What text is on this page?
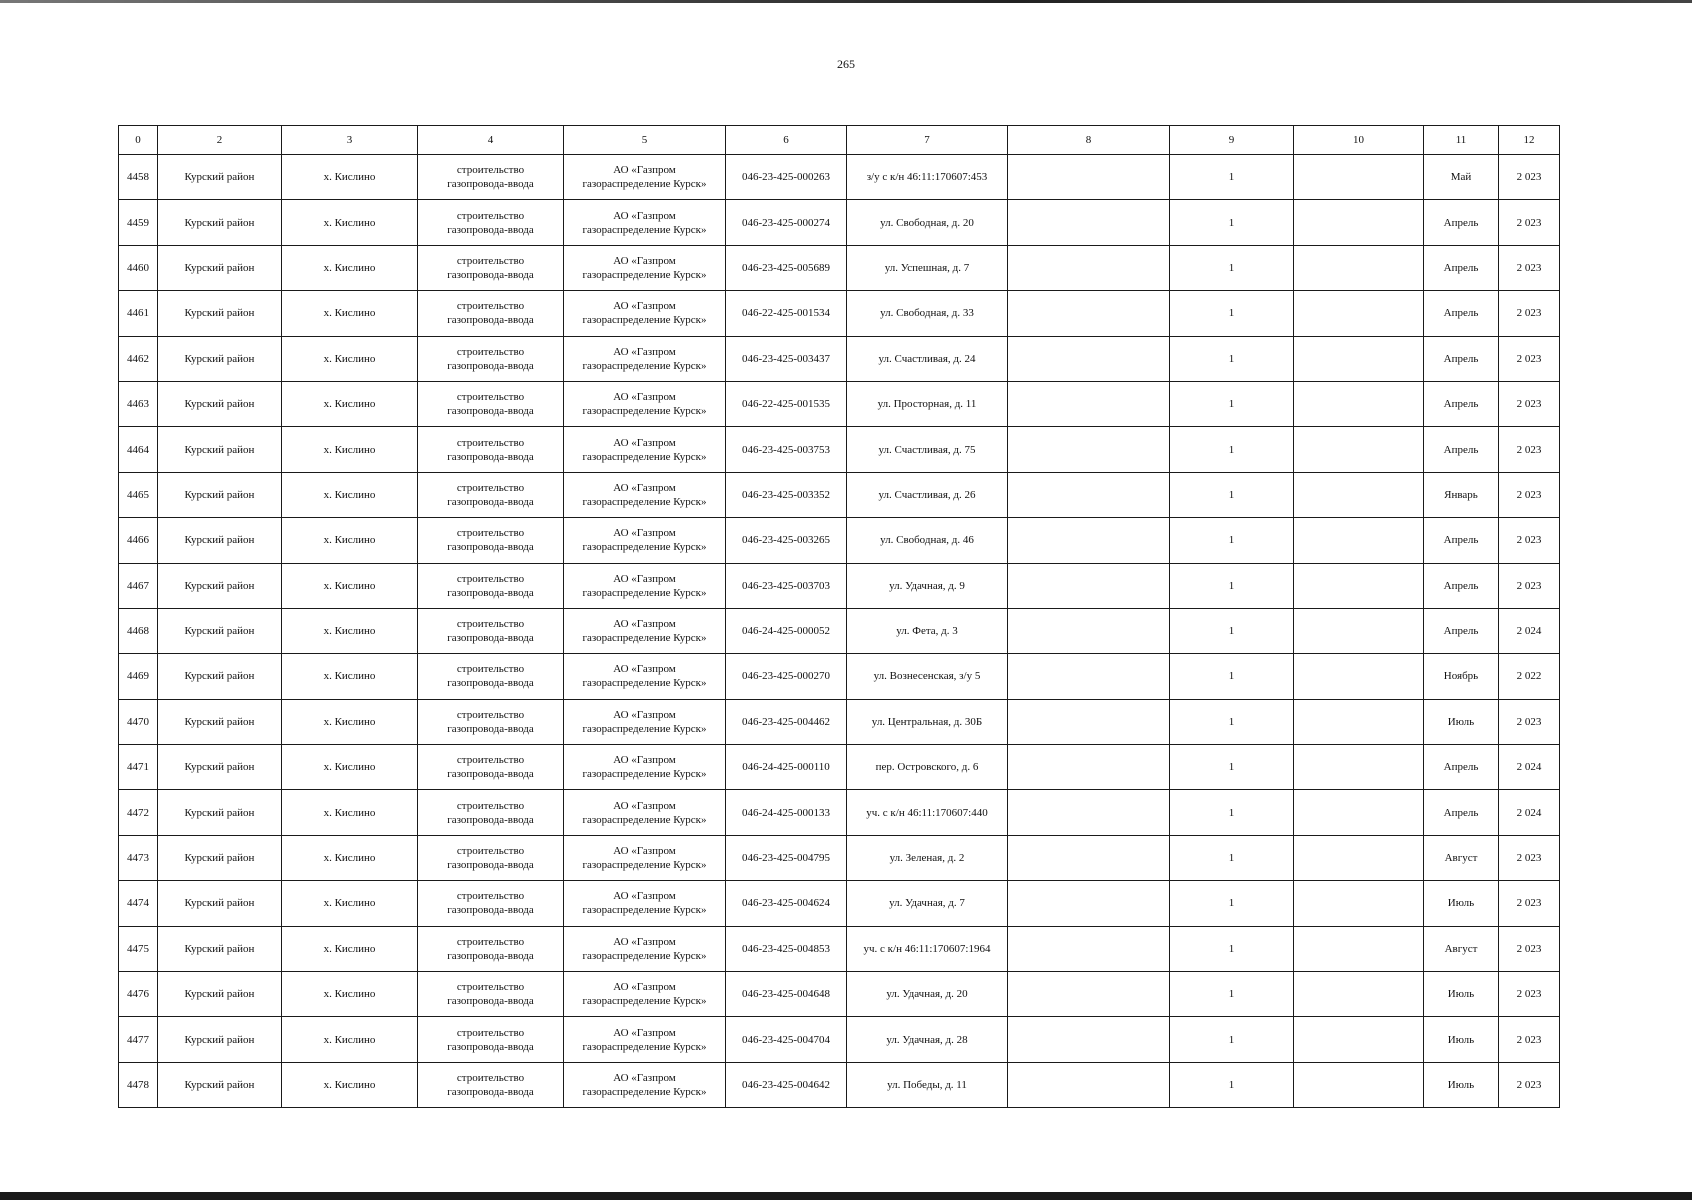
265
0	2	3	4	5	6	7	8	9	10	11	12

4458	Курский район	х. Кислино	строительство
газопровода-ввода	АО «Газпром
газораспределение Курск»	046-23-425-000263	з/у с к/н 46:11:170607:453		1		Май	2 023

4459	Курский район	х. Кислино	строительство
газопровода-ввода	АО «Газпром
газораспределение Курск»	046-23-425-000274	ул. Свободная, д. 20		1		Апрель	2 023

4460	Курский район	х. Кислино	строительство
газопровода-ввода	АО «Газпром
газораспределение Курск»	046-23-425-005689	ул. Успешная, д. 7		1		Апрель	2 023

4461	Курский район	х. Кислино	строительство
газопровода-ввода	АО «Газпром
газораспределение Курск»	046-22-425-001534	ул. Свободная, д. 33		1		Апрель	2 023

4462	Курский район	х. Кислино	строительство
газопровода-ввода	АО «Газпром
газораспределение Курск»	046-23-425-003437	ул. Счастливая, д. 24		1		Апрель	2 023

4463	Курский район	х. Кислино	строительство
газопровода-ввода	АО «Газпром
газораспределение Курск»	046-22-425-001535	ул. Просторная, д. 11		1		Апрель	2 023

4464	Курский район	х. Кислино	строительство
газопровода-ввода	АО «Газпром
газораспределение Курск»	046-23-425-003753	ул. Счастливая, д. 75		1		Апрель	2 023

4465	Курский район	х. Кислино	строительство
газопровода-ввода	АО «Газпром
газораспределение Курск»	046-23-425-003352	ул. Счастливая, д. 26		1		Январь	2 023

4466	Курский район	х. Кислино	строительство
газопровода-ввода	АО «Газпром
газораспределение Курск»	046-23-425-003265	ул. Свободная, д. 46		1		Апрель	2 023

4467	Курский район	х. Кислино	строительство
газопровода-ввода	АО «Газпром
газораспределение Курск»	046-23-425-003703	ул. Удачная, д. 9		1		Апрель	2 023

4468	Курский район	х. Кислино	строительство
газопровода-ввода	АО «Газпром
газораспределение Курск»	046-24-425-000052	ул. Фета, д. 3		1		Апрель	2 024

4469	Курский район	х. Кислино	строительство
газопровода-ввода	АО «Газпром
газораспределение Курск»	046-23-425-000270	ул. Вознесенская, з/у 5		1		Ноябрь	2 022

4470	Курский район	х. Кислино	строительство
газопровода-ввода	АО «Газпром
газораспределение Курск»	046-23-425-004462	ул. Центральная, д. 30Б		1		Июль	2 023

4471	Курский район	х. Кислино	строительство
газопровода-ввода	АО «Газпром
газораспределение Курск»	046-24-425-000110	пер. Островского, д. 6		1		Апрель	2 024

4472	Курский район	х. Кислино	строительство
газопровода-ввода	АО «Газпром
газораспределение Курск»	046-24-425-000133	уч. с к/н 46:11:170607:440		1		Апрель	2 024

4473	Курский район	х. Кислино	строительство
газопровода-ввода	АО «Газпром
газораспределение Курск»	046-23-425-004795	ул. Зеленая, д. 2		1		Август	2 023

4474	Курский район	х. Кислино	строительство
газопровода-ввода	АО «Газпром
газораспределение Курск»	046-23-425-004624	ул. Удачная, д. 7		1		Июль	2 023

4475	Курский район	х. Кислино	строительство
газопровода-ввода	АО «Газпром
газораспределение Курск»	046-23-425-004853	уч. с к/н 46:11:170607:1964		1		Август	2 023

4476	Курский район	х. Кислино	строительство
газопровода-ввода	АО «Газпром
газораспределение Курск»	046-23-425-004648	ул. Удачная, д. 20		1		Июль	2 023

4477	Курский район	х. Кислино	строительство
газопровода-ввода	АО «Газпром
газораспределение Курск»	046-23-425-004704	ул. Удачная, д. 28		1		Июль	2 023

4478	Курский район	х. Кислино	строительство
газопровода-ввода	АО «Газпром
газораспределение Курск»	046-23-425-004642	ул. Победы, д. 11		1		Июль	2 023
